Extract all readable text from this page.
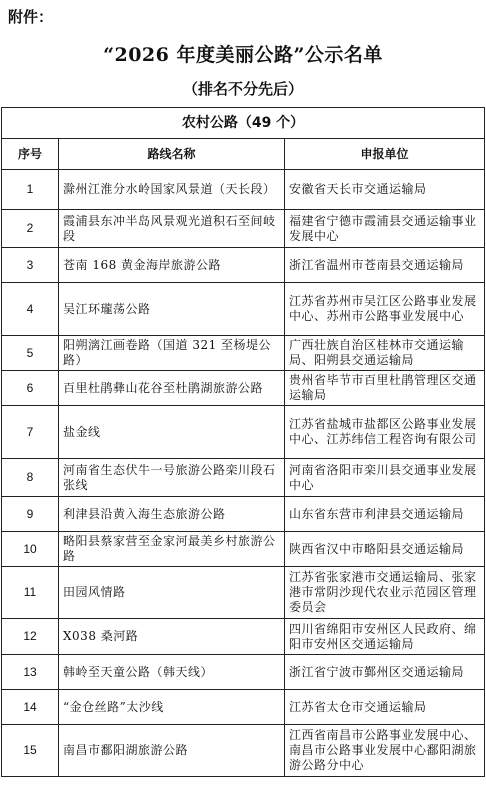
附件：
“2026 年度美丽公路”公示名单
（排名不分先后）
农村公路（49 个）		
序号	路线名称	申报单位
1	滁州江淮分水岭国家风景道（天长段）	安徽省天长市交通运输局
2	霞浦县东冲半岛风景观光道积石至间岐段	福建省宁德市霞浦县交通运输事业发展中心
3	苍南 168 黄金海岸旅游公路	浙江省温州市苍南县交通运输局
4	吴江环瓏荡公路	江苏省苏州市吴江区公路事业发展中心、苏州市公路事业发展中心
5	阳朔漓江画卷路（国道 321 至杨堤公路）	广西壮族自治区桂林市交通运输局、阳朔县交通运输局
6	百里杜鹃彝山花谷至杜鹃湖旅游公路	贵州省毕节市百里杜鹃管理区交通运输局
7	盐金线	江苏省盐城市盐都区公路事业发展中心、江苏纬信工程咨询有限公司
8	河南省生态伏牛一号旅游公路栾川段石张线	河南省洛阳市栾川县交通事业发展中心
9	利津县沿黄入海生态旅游公路	山东省东营市利津县交通运输局
10	略阳县蔡家营至金家河最美乡村旅游公路	陕西省汉中市略阳县交通运输局
11	田园风情路	江苏省张家港市交通运输局、张家港市常阴沙现代农业示范园区管理委员会
12	X038 桑河路	四川省绵阳市安州区人民政府、绵阳市安州区交通运输局
13	韩岭至天童公路（韩天线）	浙江省宁波市鄞州区交通运输局
14	“金仓丝路”太沙线	江苏省太仓市交通运输局
15	南昌市鄱阳湖旅游公路	江西省南昌市公路事业发展中心、南昌市公路事业发展中心鄱阳湖旅游公路分中心
